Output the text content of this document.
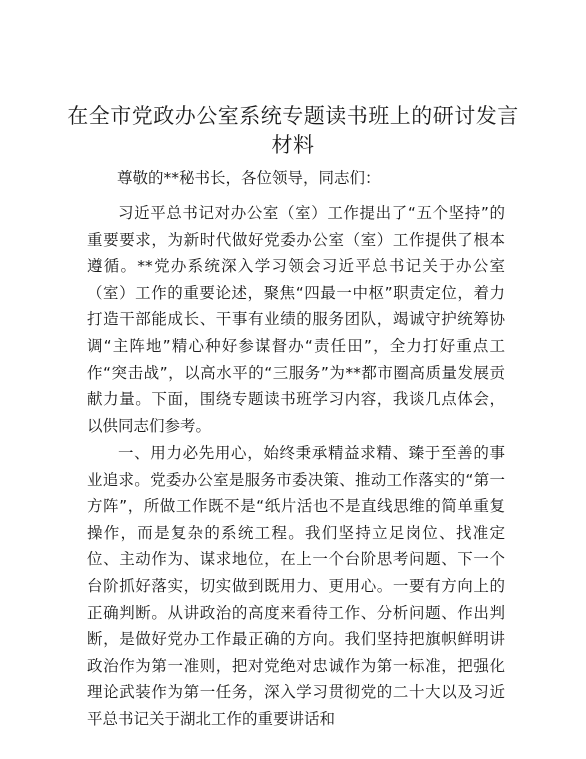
在全市党政办公室系统专题读书班上的研讨发言材料

尊敬的**秘书长，各位领导，同志们：

习近平总书记对办公室（室）工作提出了“五个坚持”的重要要求，为新时代做好党委办公室（室）工作提供了根本遵循。**党办系统深入学习领会习近平总书记关于办公室（室）工作的重要论述，聚焦“四最一中枢”职责定位，着力打造干部能成长、干事有业绩的服务团队，竭诚守护统筹协调“主阵地”精心种好参谋督办“责任田”，全力打好重点工作“突击战”，以高水平的“三服务”为**都市圈高质量发展贡献力量。下面，围绕专题读书班学习内容，我谈几点体会，以供同志们参考。

一、用力必先用心，始终秉承精益求精、臻于至善的事业追求。党委办公室是服务市委决策、推动工作落实的“第一方阵”，所做工作既不是“纸片活也不是直线思维的简单重复操作，而是复杂的系统工程。我们坚持立足岗位、找准定位、主动作为、谋求地位，在上一个台阶思考问题、下一个台阶抓好落实，切实做到既用力、更用心。一要有方向上的正确判断。从讲政治的高度来看待工作、分析问题、作出判断，是做好党办工作最正确的方向。我们坚持把旗帜鲜明讲政治作为第一准则，把对党绝对忠诚作为第一标准，把强化理论武装作为第一任务，深入学习贯彻党的二十大以及习近平总书记关于湖北工作的重要讲话和
